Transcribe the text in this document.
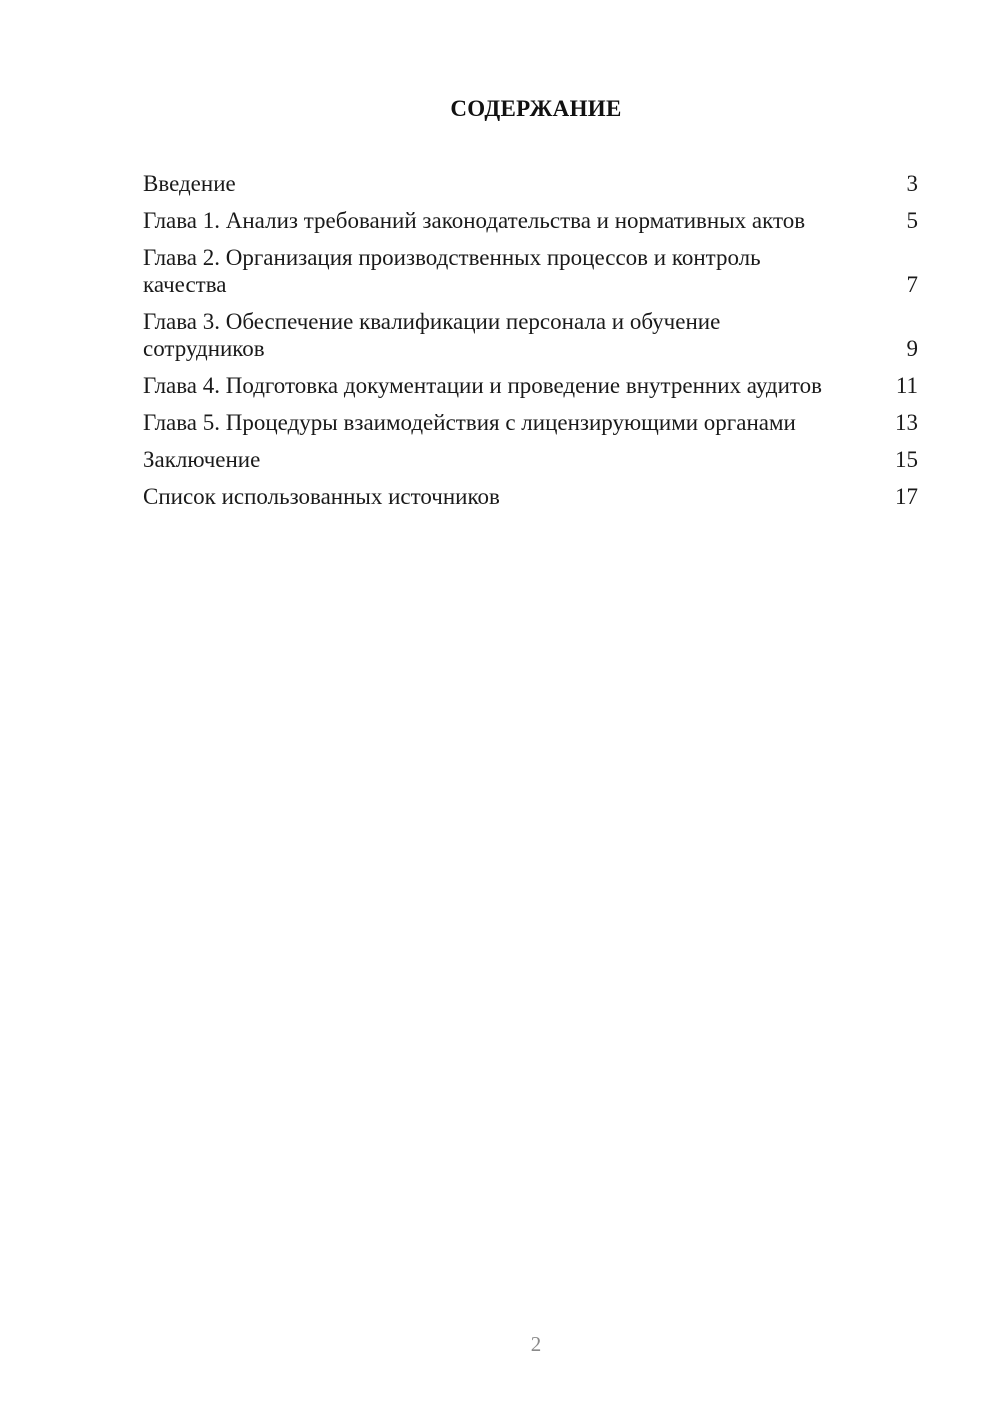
СОДЕРЖАНИЕ
Введение	3
Глава 1. Анализ требований законодательства и нормативных актов	5
Глава 2. Организация производственных процессов и контроль качества	7
Глава 3. Обеспечение квалификации персонала и обучение сотрудников	9
Глава 4. Подготовка документации и проведение внутренних аудитов	11
Глава 5. Процедуры взаимодействия с лицензирующими органами	13
Заключение	15
Список использованных источников	17
2
